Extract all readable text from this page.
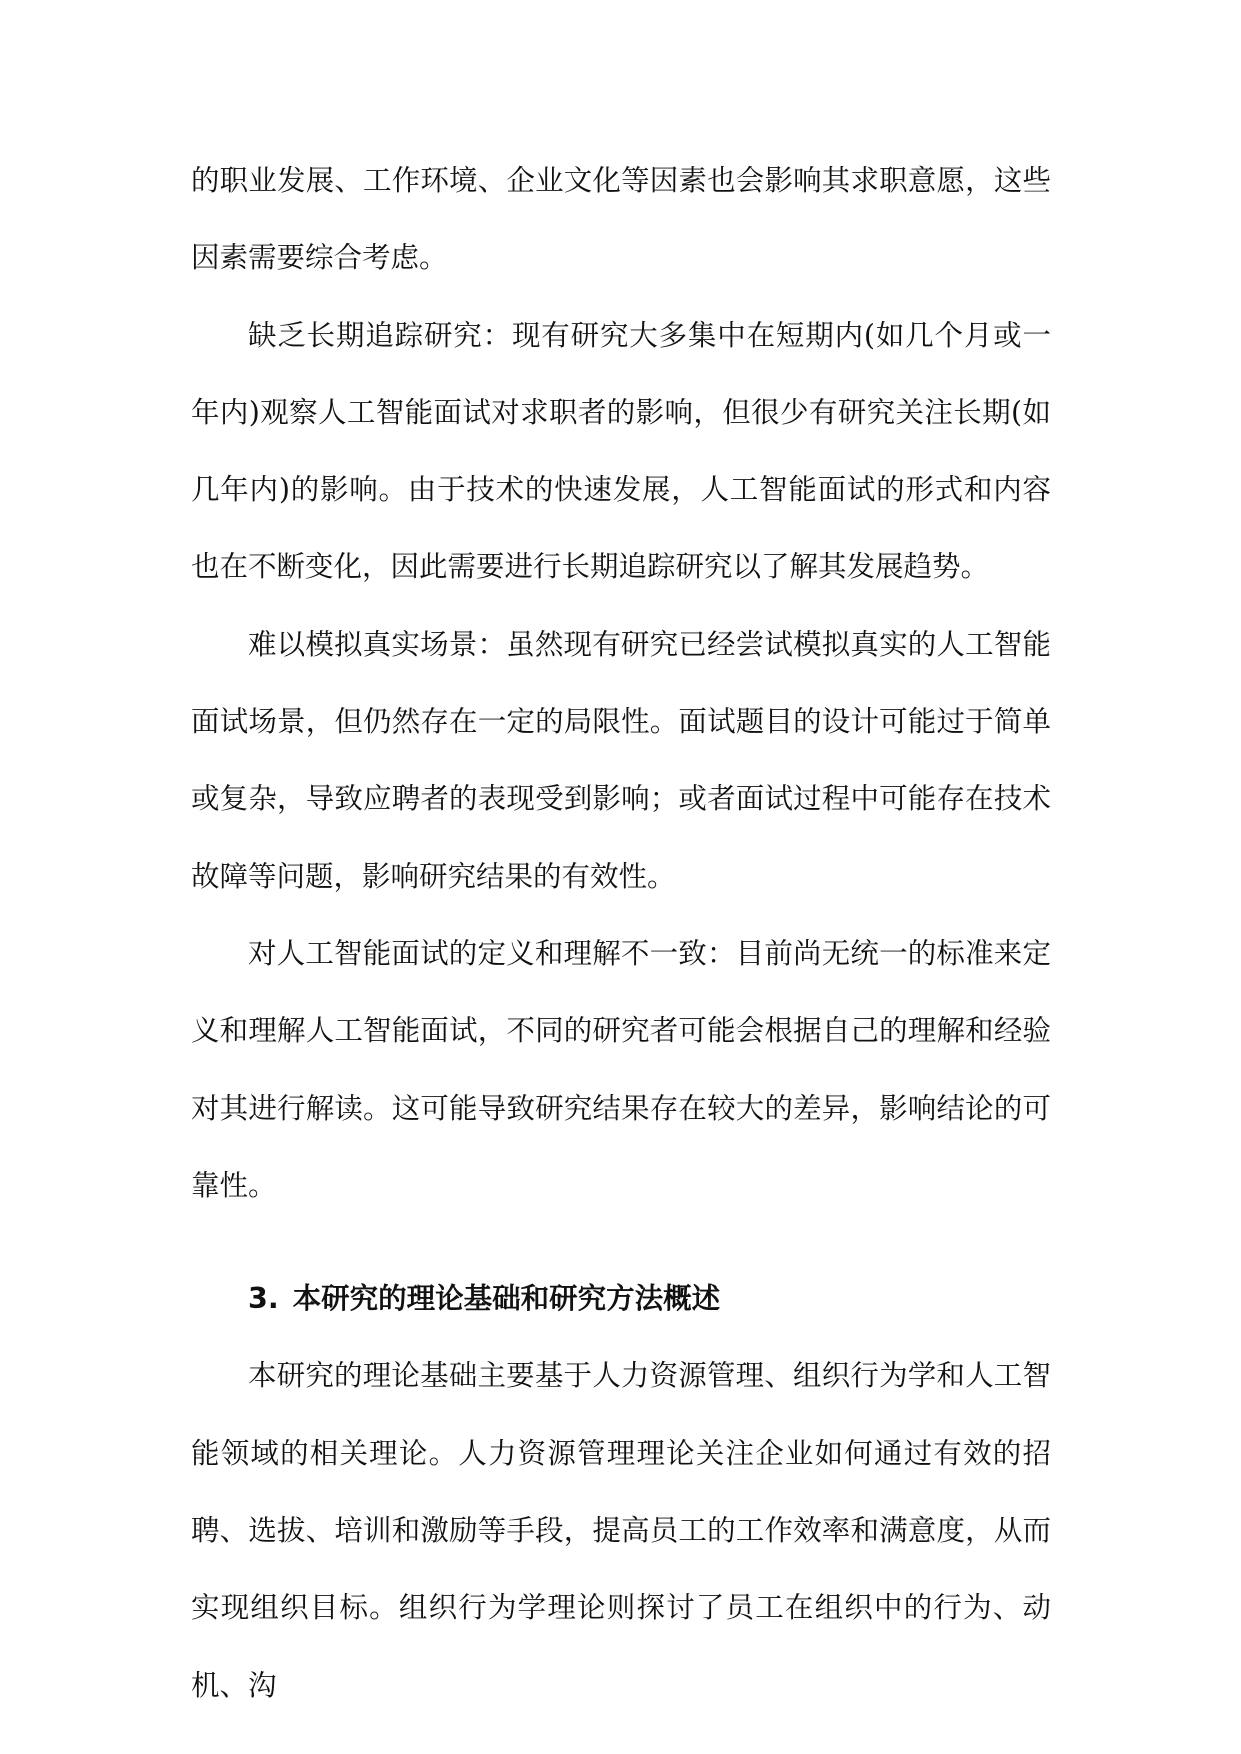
的职业发展、工作环境、企业文化等因素也会影响其求职意愿，这些因素需要综合考虑。

缺乏长期追踪研究：现有研究大多集中在短期内(如几个月或一年内)观察人工智能面试对求职者的影响，但很少有研究关注长期(如几年内)的影响。由于技术的快速发展，人工智能面试的形式和内容也在不断变化，因此需要进行长期追踪研究以了解其发展趋势。

难以模拟真实场景：虽然现有研究已经尝试模拟真实的人工智能面试场景，但仍然存在一定的局限性。面试题目的设计可能过于简单或复杂，导致应聘者的表现受到影响；或者面试过程中可能存在技术故障等问题，影响研究结果的有效性。

对人工智能面试的定义和理解不一致：目前尚无统一的标准来定义和理解人工智能面试，不同的研究者可能会根据自己的理解和经验对其进行解读。这可能导致研究结果存在较大的差异，影响结论的可靠性。

3. 本研究的理论基础和研究方法概述

本研究的理论基础主要基于人力资源管理、组织行为学和人工智能领域的相关理论。人力资源管理理论关注企业如何通过有效的招聘、选拔、培训和激励等手段，提高员工的工作效率和满意度，从而实现组织目标。组织行为学理论则探讨了员工在组织中的行为、动机、沟
